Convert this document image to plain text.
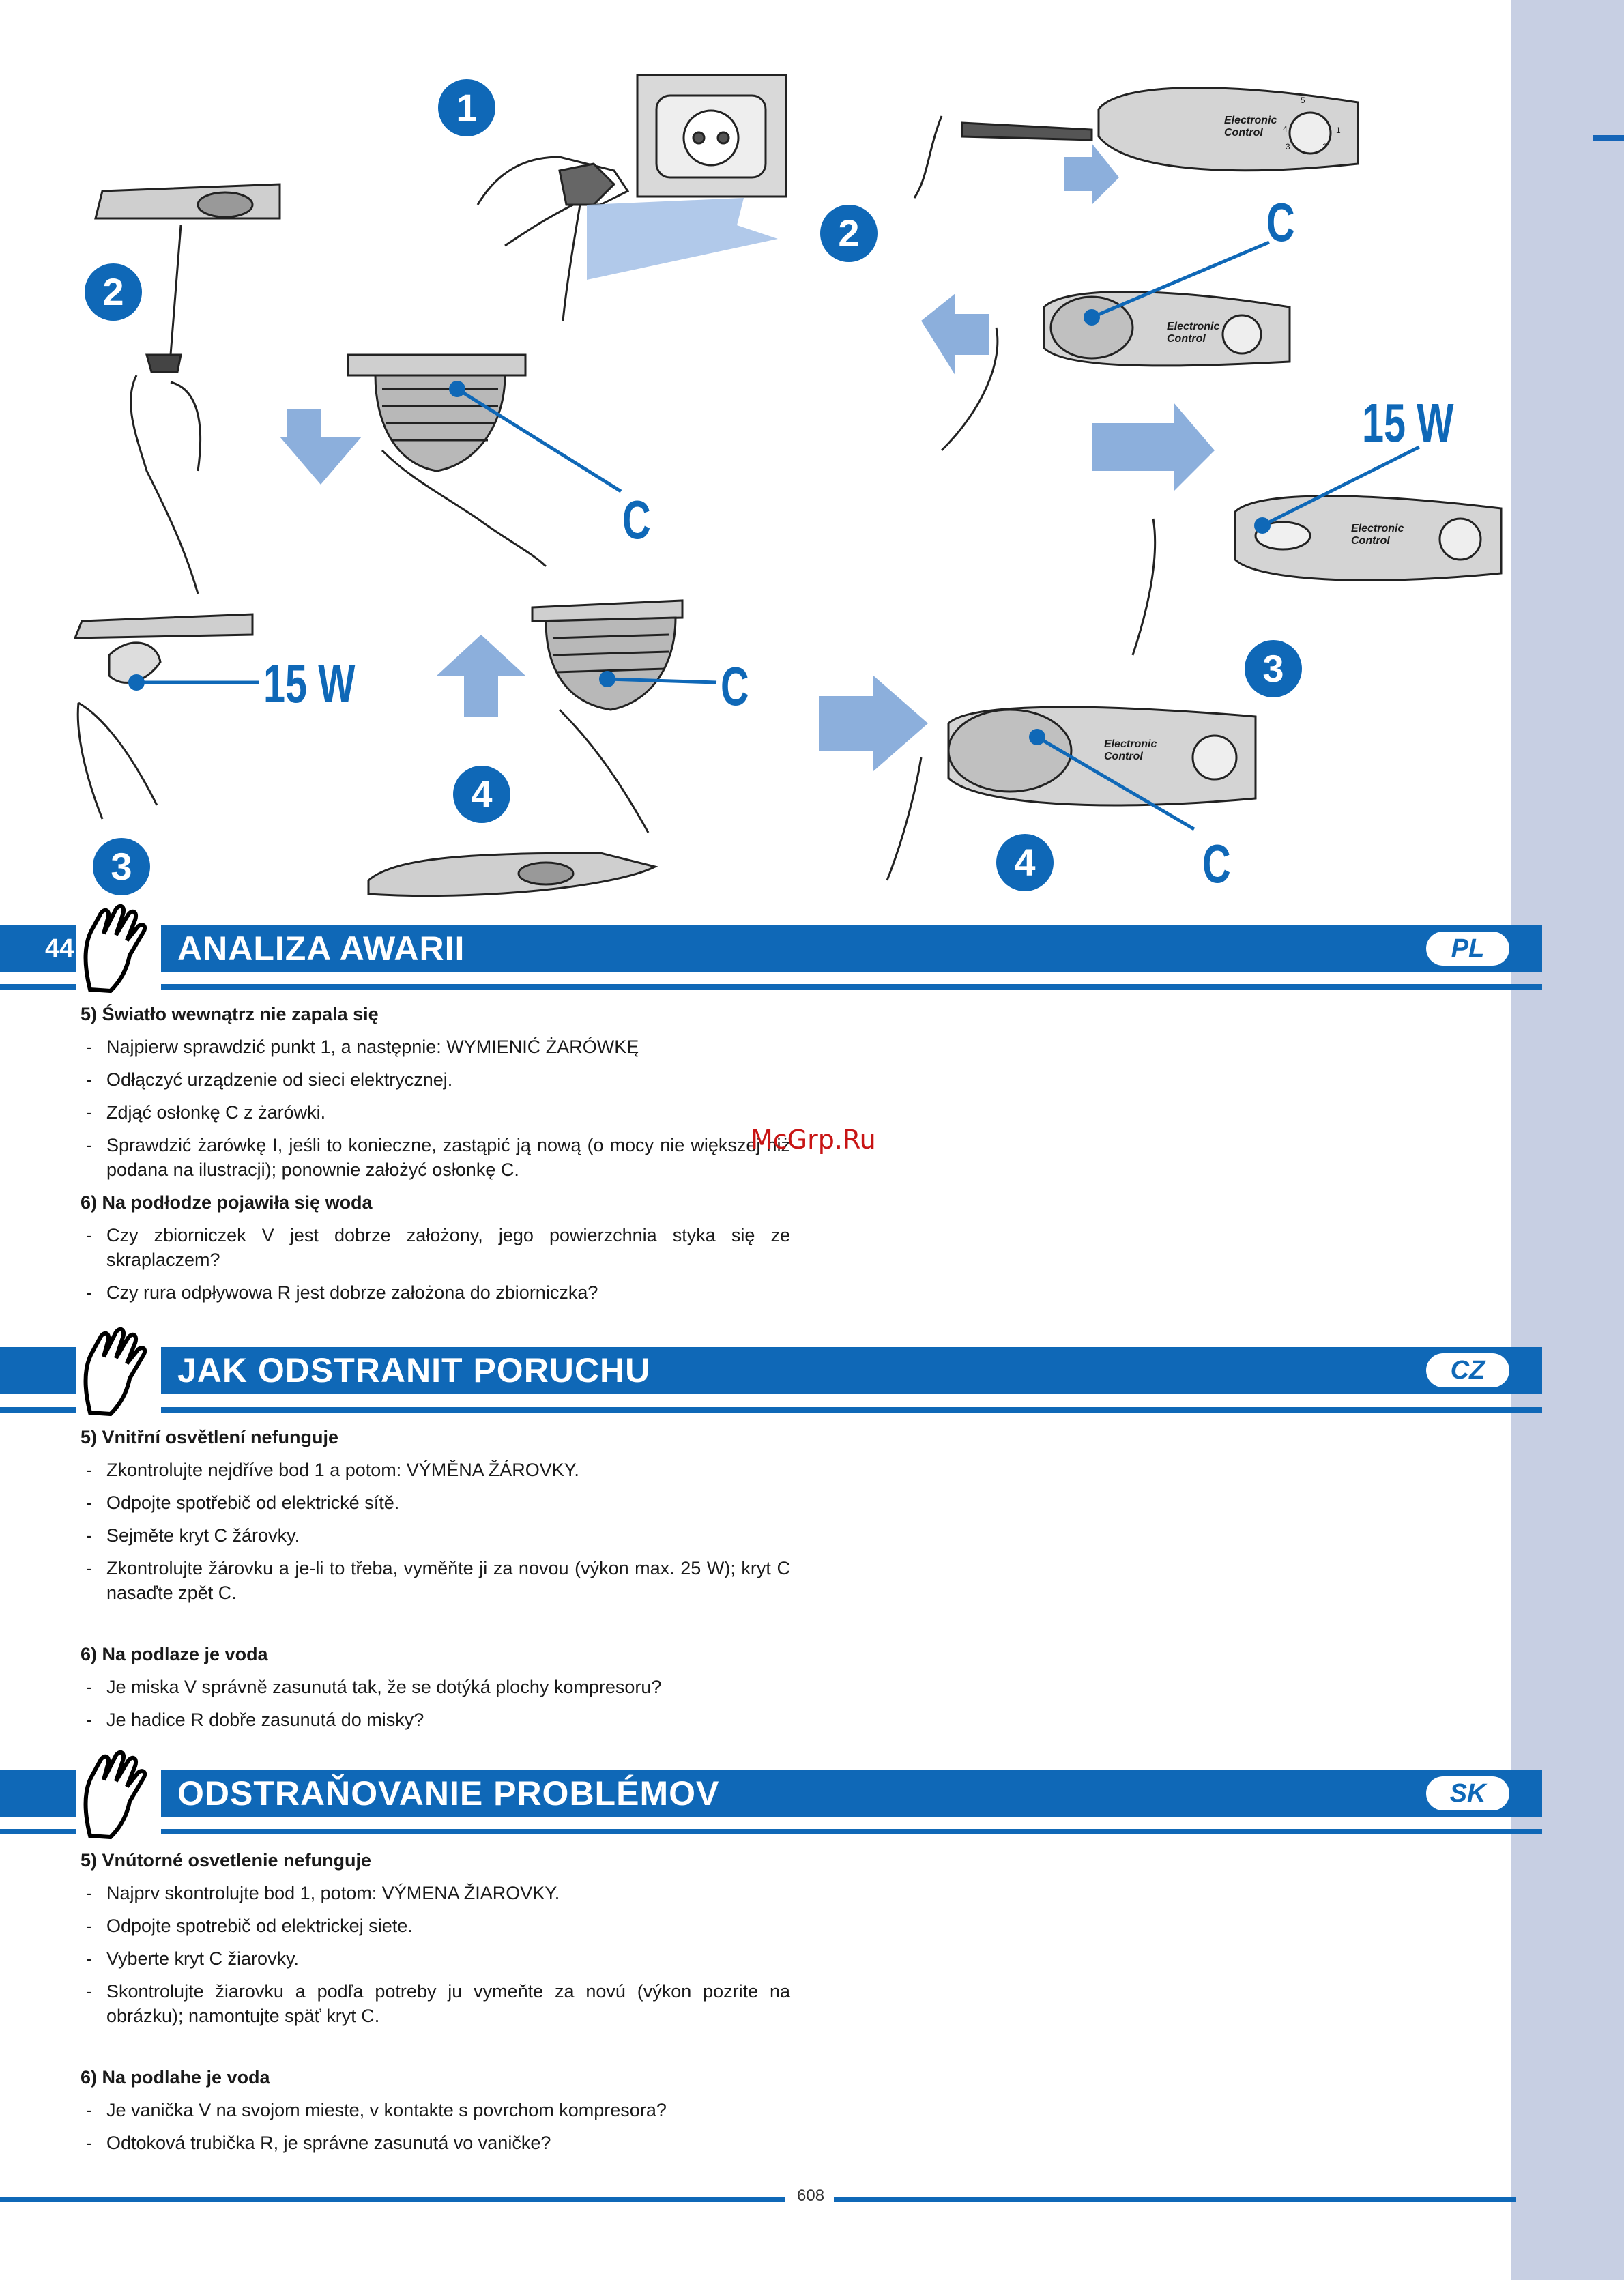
1
2
2
3
3
4
4
C
C
C
C
15 W
15 W
Electronic Control
Electronic Control
Electronic Control
Electronic Control
5
1
2
3
4
44	ANALIZA AWARII	PL

5) Światło wewnątrz nie zapala się

- Najpierw sprawdzić punkt 1, a następnie: WYMIENIĆ ŻARÓWKĘ
- Odłączyć urządzenie od sieci elektrycznej.
- Zdjąć osłonkę C z żarówki.
- Sprawdzić żarówkę I, jeśli to konieczne, zastąpić ją nową (o mocy nie większej niż podana na ilustracji); ponownie założyć osłonkę C.

6) Na podłodze pojawiła się woda

- Czy zbiorniczek V jest dobrze założony, jego powierzchnia styka się ze skraplaczem?
- Czy rura odpływowa R jest dobrze założona do zbiorniczka?
McGrp.Ru
JAK ODSTRANIT PORUCHU	CZ

5) Vnitřní osvětlení nefunguje

- Zkontrolujte nejdříve bod 1 a potom: VÝMĚNA ŽÁROVKY.
- Odpojte spotřebič od elektrické sítě.
- Sejměte kryt C žárovky.
- Zkontrolujte žárovku a je-li to třeba, vyměňte ji za novou (výkon max. 25 W); kryt C nasaďte zpět C.

6) Na podlaze je voda

- Je miska V správně zasunutá tak, že se dotýká plochy kompresoru?
- Je hadice R dobře zasunutá do misky?
ODSTRAŇOVANIE PROBLÉMOV	SK

5) Vnútorné osvetlenie nefunguje

- Najprv skontrolujte bod 1, potom: VÝMENA ŽIAROVKY.
- Odpojte spotrebič od elektrickej siete.
- Vyberte kryt C žiarovky.
- Skontrolujte žiarovku a podľa potreby ju vymeňte za novú (výkon pozrite na obrázku); namontujte späť kryt C.

6) Na podlahe je voda

- Je vanička V na svojom mieste, v kontakte s povrchom kompresora?
- Odtoková trubička R, je správne zasunutá vo vaničke?
608
